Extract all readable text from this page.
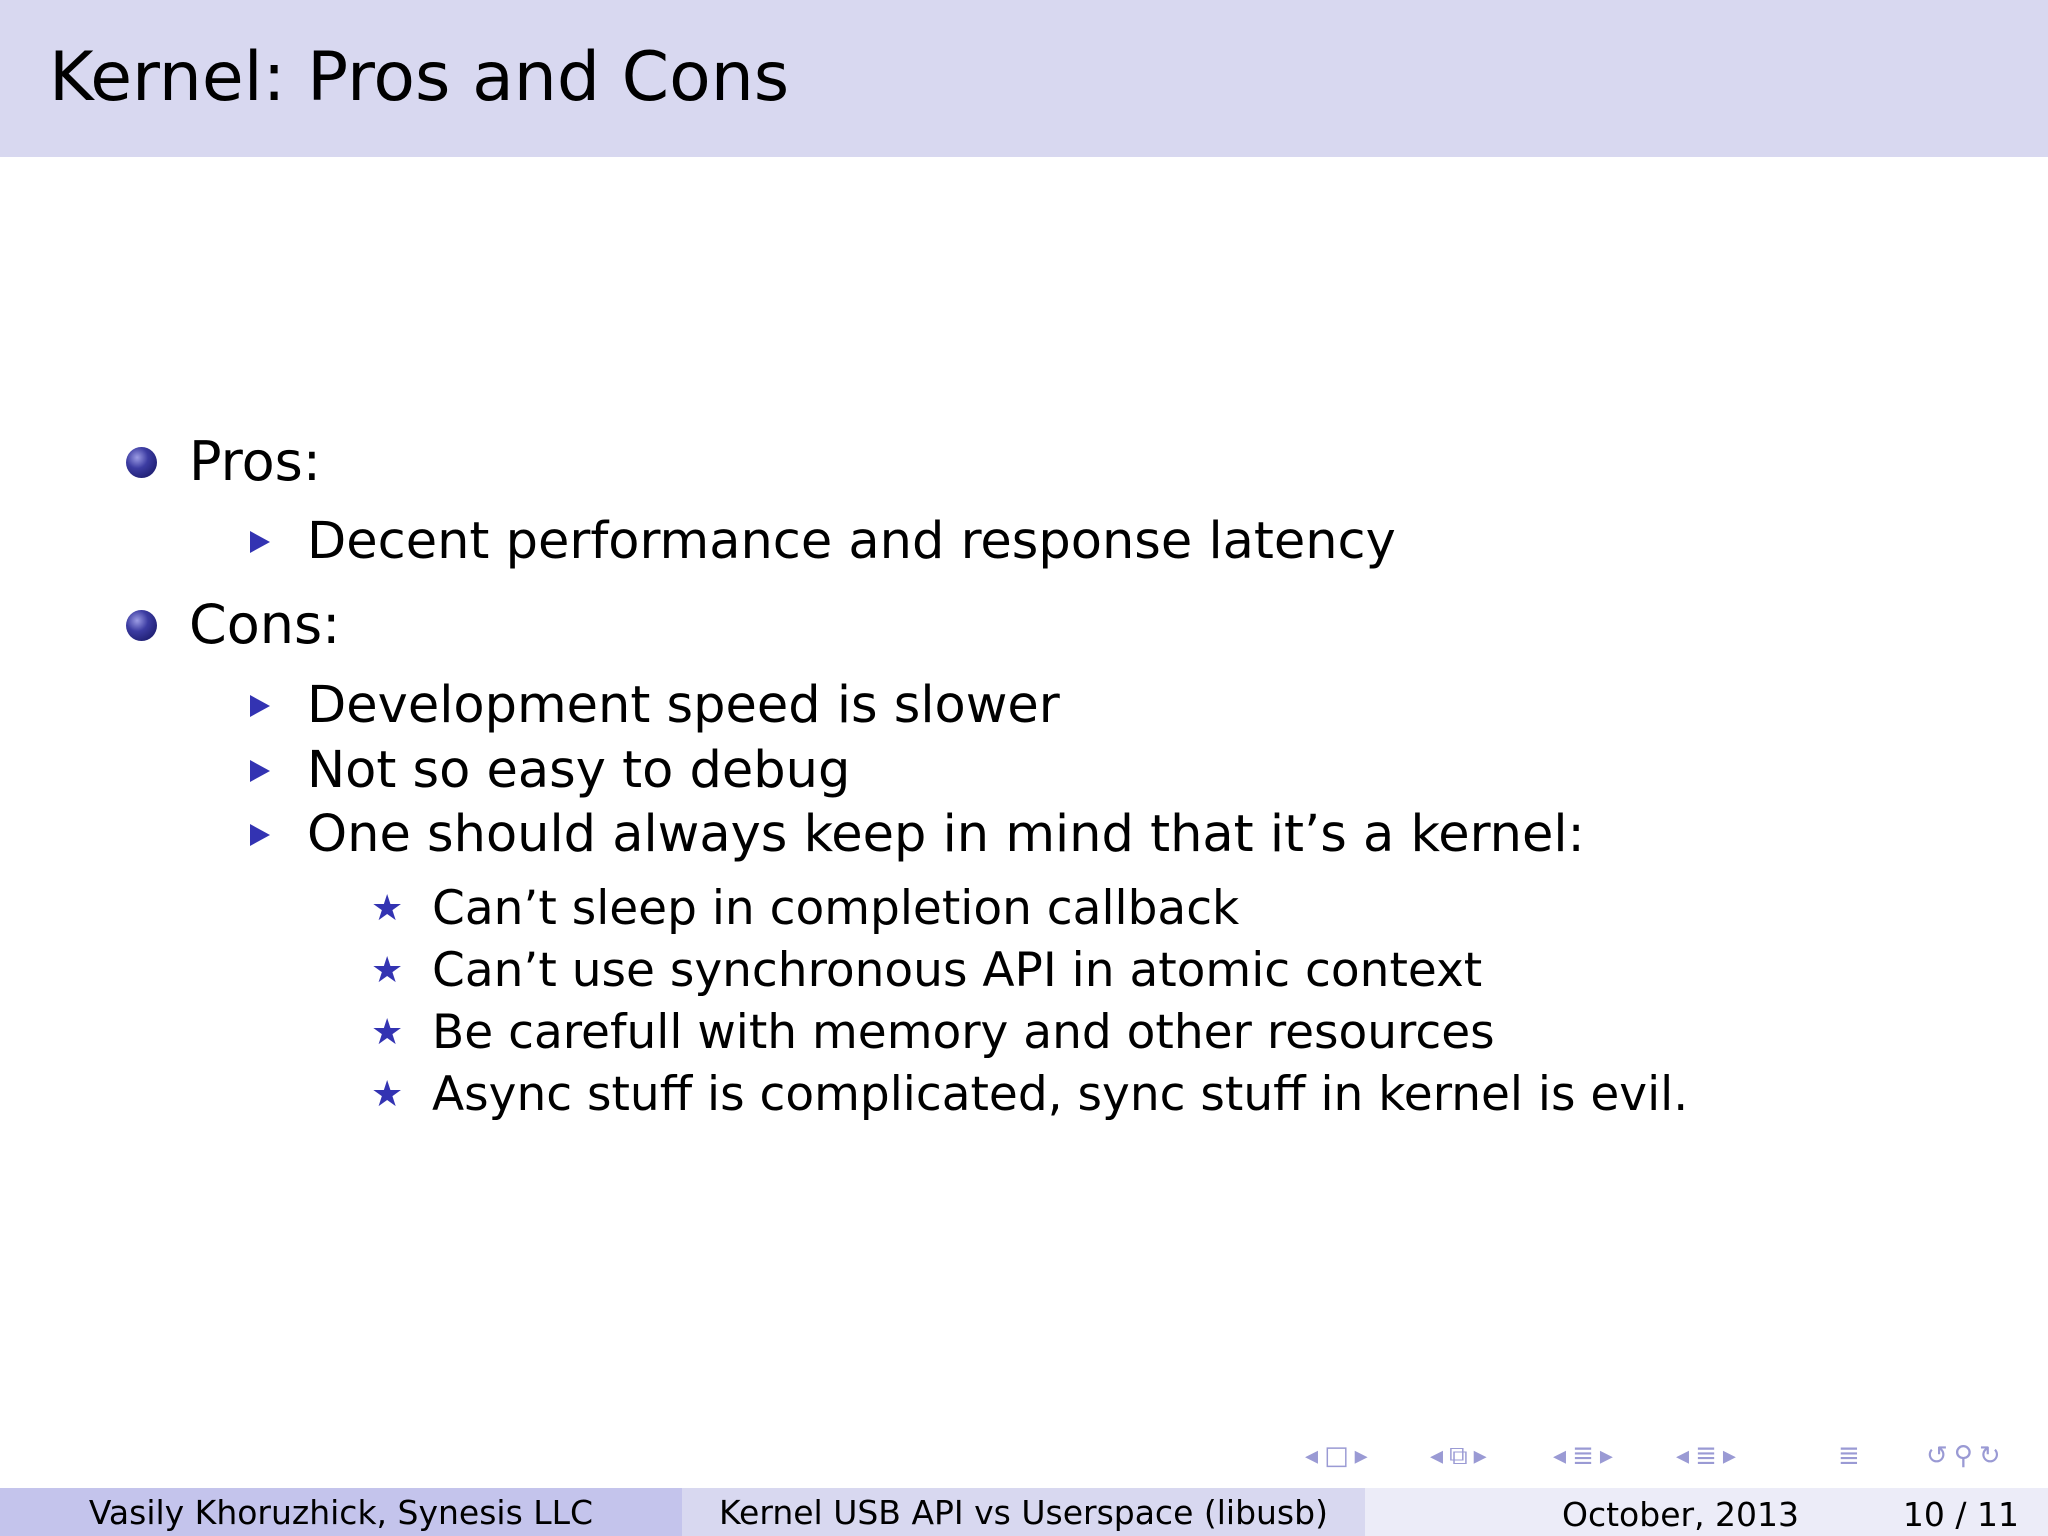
Kernel: Pros and Cons
Pros:
Decent performance and response latency
Cons:
Development speed is slower
Not so easy to debug
One should always keep in mind that it’s a kernel:
★ Can’t sleep in completion callback
★ Can’t use synchronous API in atomic context
★ Be carefull with memory and other resources
★ Async stuff is complicated, sync stuff in kernel is evil.
◂ □ ▸ ◂ ⧉ ▸	◂ ≣ ▸ ◂ ≣ ▸	≣	↺ ⚲ ↻
Vasily Khoruzhick, Synesis LLC	Kernel USB API vs Userspace (libusb)	October, 2013	10 / 11
